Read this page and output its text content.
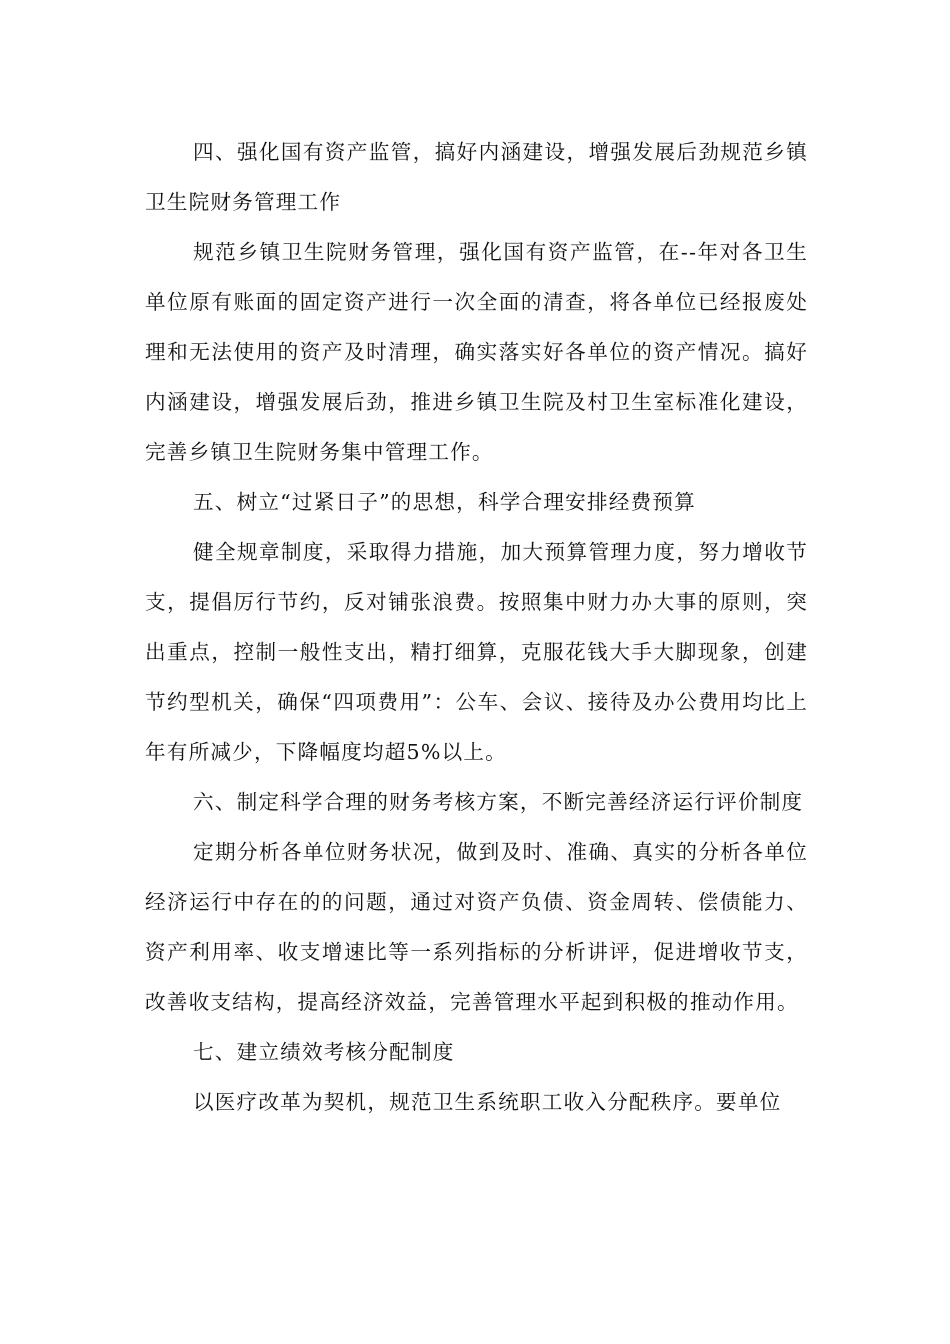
四、强化国有资产监管，搞好内涵建设，增强发展后劲规范乡镇卫生院财务管理工作

规范乡镇卫生院财务管理，强化国有资产监管，在--年对各卫生单位原有账面的固定资产进行一次全面的清查，将各单位已经报废处理和无法使用的资产及时清理，确实落实好各单位的资产情况。搞好内涵建设，增强发展后劲，推进乡镇卫生院及村卫生室标准化建设，完善乡镇卫生院财务集中管理工作。

五、树立“过紧日子”的思想，科学合理安排经费预算

健全规章制度，采取得力措施，加大预算管理力度，努力增收节支，提倡厉行节约，反对铺张浪费。按照集中财力办大事的原则，突出重点，控制一般性支出，精打细算，克服花钱大手大脚现象，创建节约型机关，确保“四项费用”：公车、会议、接待及办公费用均比上年有所减少，下降幅度均超5%以上。

六、制定科学合理的财务考核方案，不断完善经济运行评价制度

定期分析各单位财务状况，做到及时、准确、真实的分析各单位经济运行中存在的的问题，通过对资产负债、资金周转、偿债能力、资产利用率、收支增速比等一系列指标的分析讲评，促进增收节支，改善收支结构，提高经济效益，完善管理水平起到积极的推动作用。

七、建立绩效考核分配制度

以医疗改革为契机，规范卫生系统职工收入分配秩序。要单位
